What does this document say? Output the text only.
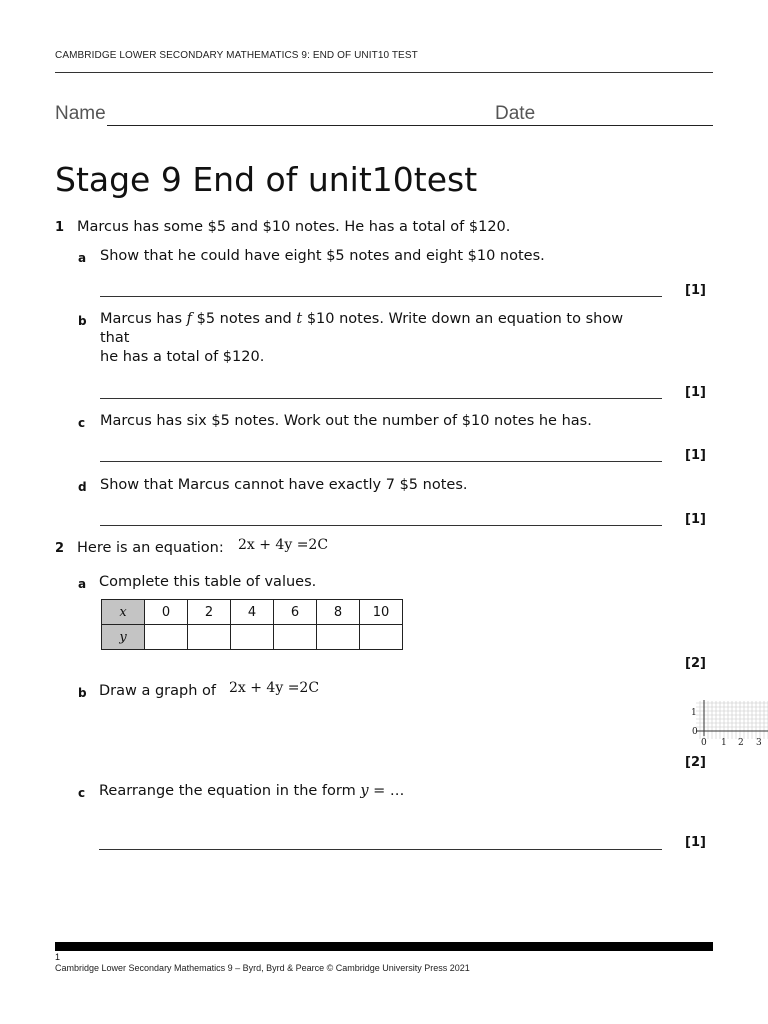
CAMBRIDGE LOWER SECONDARY MATHEMATICS 9: END OF UNIT10 TEST
Name	Date
Stage 9 End of unit10test
1 Marcus has some $5 and $10 notes. He has a total of $120.
a Show that he could have eight $5 notes and eight $10 notes.
[1]
b Marcus has f $5 notes and t $10 notes. Write down an equation to show
that
he has a total of $120.
[1]
c Marcus has six $5 notes. Work out the number of $10 notes he has.
[1]
d Show that Marcus cannot have exactly 7 $5 notes.
[1]
2 Here is an equation: 2x + 4y =2C
a Complete this table of values.
x	0	2	4	6	8	10
y						
[2]
b Draw a graph of 2x + 4y =2C
1
0
0 1 2 3
[2]
c Rearrange the equation in the form y = …
[1]
1
Cambridge Lower Secondary Mathematics 9 – Byrd, Byrd & Pearce © Cambridge University Press 2021
